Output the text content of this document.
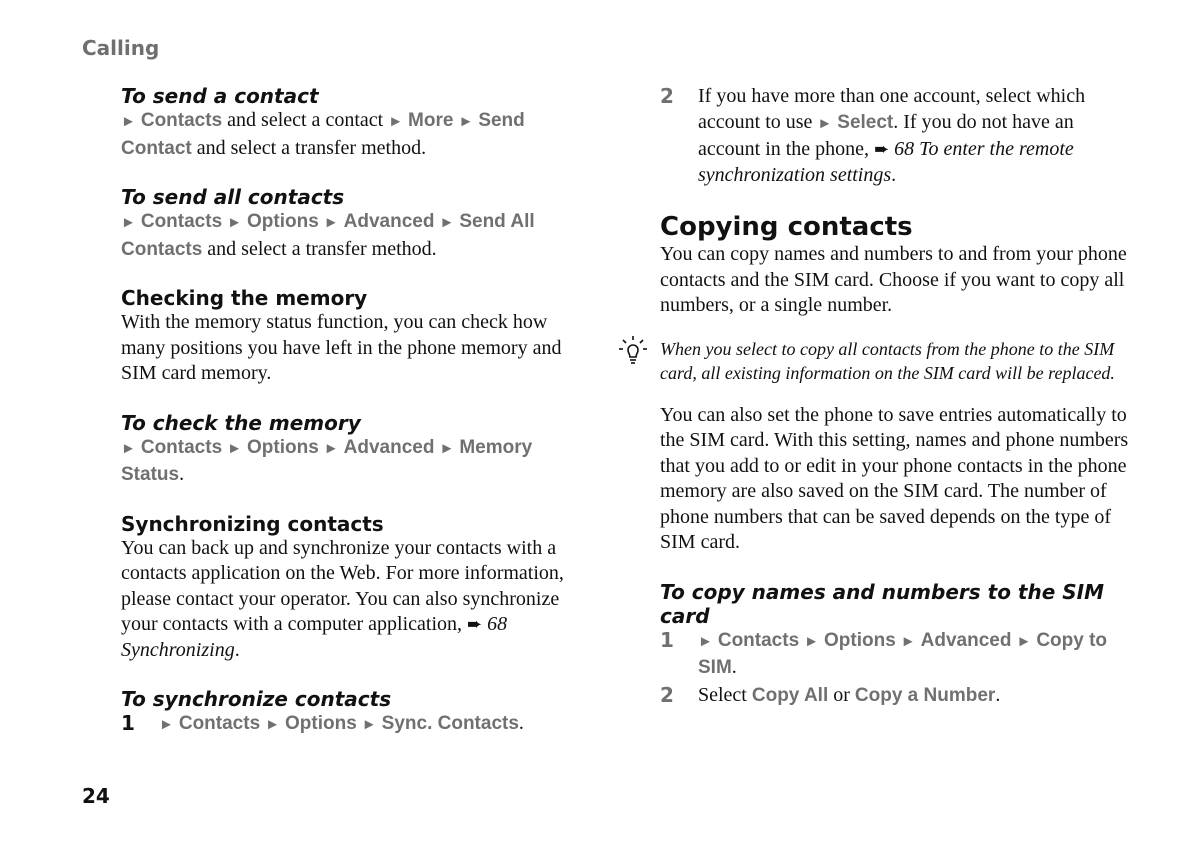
Calling
To send a contact

► Contacts and select a contact ► More ► Send Contact and select a transfer method.

To send all contacts

► Contacts ► Options ► Advanced ► Send All Contacts and select a transfer method.

Checking the memory

With the memory status function, you can check how many positions you have left in the phone memory and SIM card memory.

To check the memory

► Contacts ► Options ► Advanced ► Memory Status.

Synchronizing contacts

You can back up and synchronize your contacts with a contacts application on the Web. For more information, please contact your operator. You can also synchronize your contacts with a computer application, ➨ 68 Synchronizing.

To synchronize contacts
1	► Contacts ► Options ► Sync. Contacts.
2	If you have more than one account, select which account to use ► Select. If you do not have an account in the phone, ➨ 68 To enter the remote synchronization settings.
Copying contacts

You can copy names and numbers to and from your phone contacts and the SIM card. Choose if you want to copy all numbers, or a single number.

When you select to copy all contacts from the phone to the SIM card, all existing information on the SIM card will be replaced.

You can also set the phone to save entries automatically to the SIM card. With this setting, names and phone numbers that you add to or edit in your phone contacts in the phone memory are also saved on the SIM card. The number of phone numbers that can be saved depends on the type of SIM card.

To copy names and numbers to the SIM card
1	► Contacts ► Options ► Advanced ► Copy to SIM.
2	Select Copy All or Copy a Number.
24
